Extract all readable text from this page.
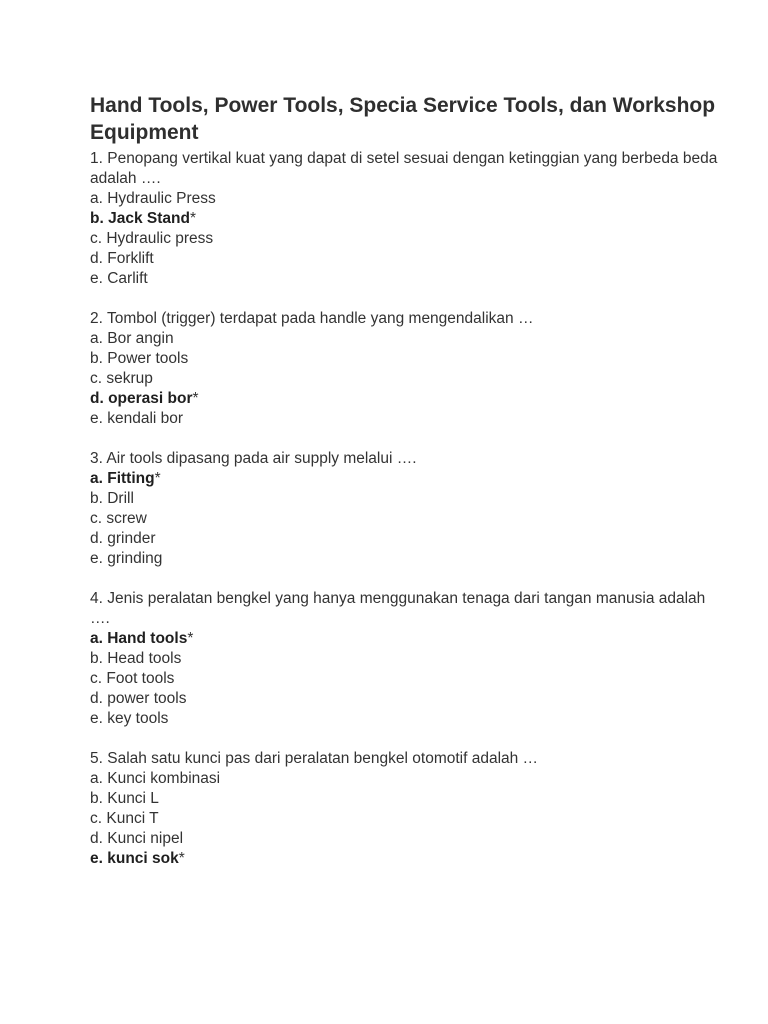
Hand Tools, Power Tools, Specia Service Tools, dan Workshop Equipment

1. Penopang vertikal kuat yang dapat di setel sesuai dengan ketinggian yang berbeda beda adalah ….

a. Hydraulic Press
b. Jack Stand*
c. Hydraulic press
d. Forklift
e. Carlift

2. Tombol (trigger) terdapat pada handle yang mengendalikan …

a. Bor angin
b. Power tools
c. sekrup
d. operasi bor*
e. kendali bor

3. Air tools dipasang pada air supply melalui ….

a. Fitting*
b. Drill
c. screw
d. grinder
e. grinding

4. Jenis peralatan bengkel yang hanya menggunakan tenaga dari tangan manusia adalah ….

a. Hand tools*
b. Head tools
c. Foot tools
d. power tools
e. key tools

5. Salah satu kunci pas dari peralatan bengkel otomotif adalah …

a. Kunci kombinasi
b. Kunci L
c. Kunci T
d. Kunci nipel
e. kunci sok*
